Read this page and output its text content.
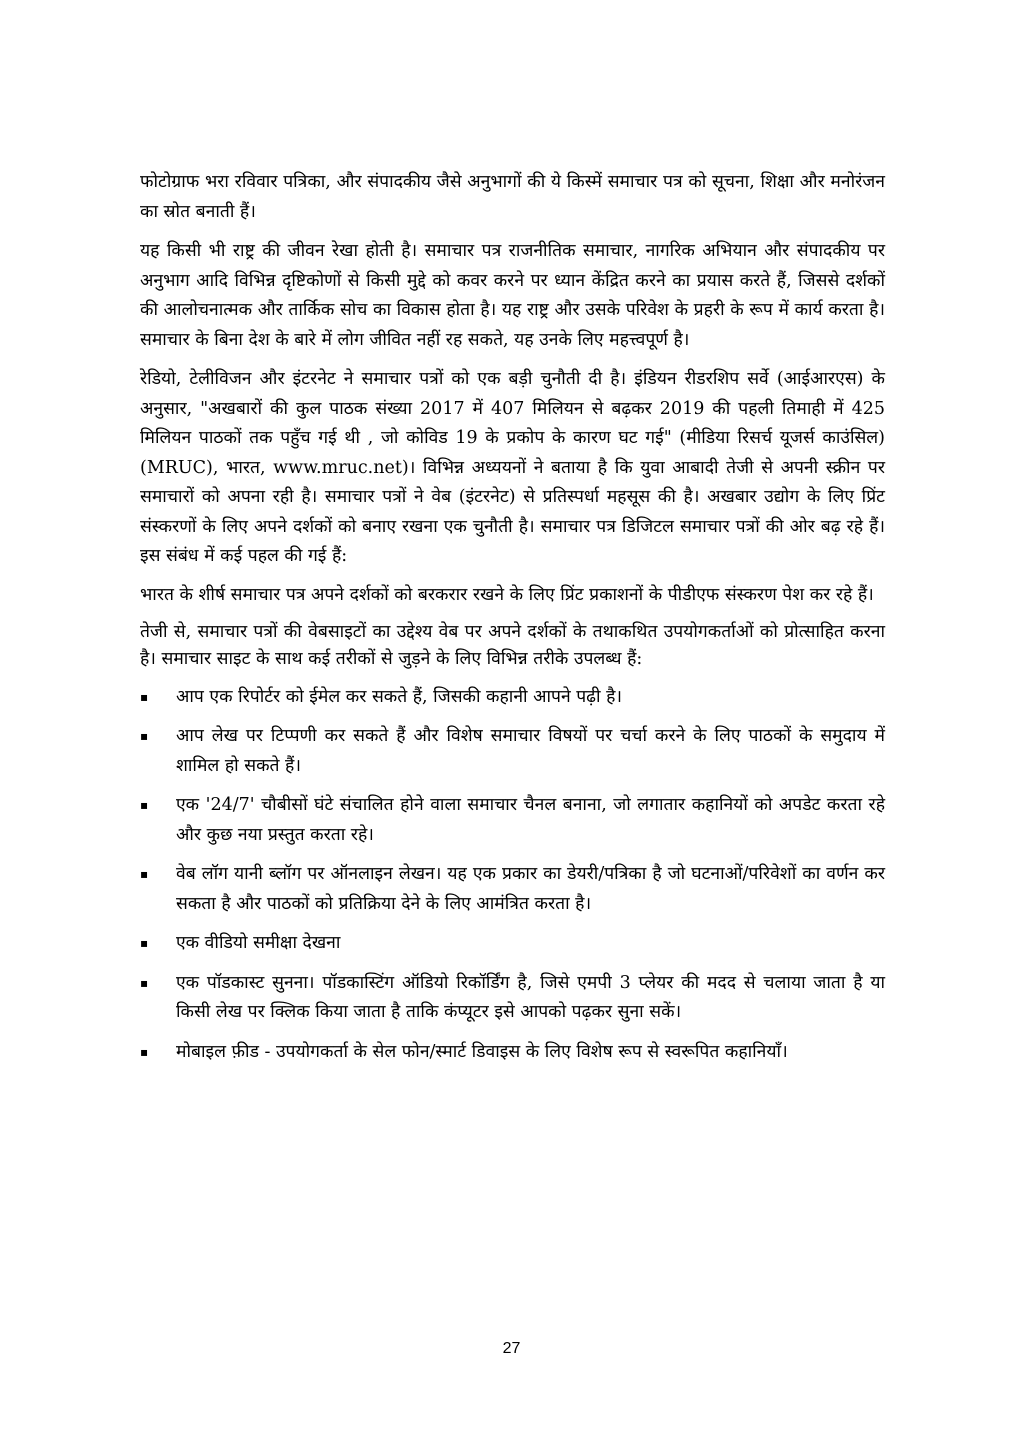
फोटोग्राफ भरा रविवार पत्रिका, और संपादकीय जैसे अनुभागों की ये किस्में समाचार पत्र को सूचना, शिक्षा और मनोरंजन का स्रोत बनाती हैं।

यह किसी भी राष्ट्र की जीवन रेखा होती है। समाचार पत्र राजनीतिक समाचार, नागरिक अभियान और संपादकीय पर अनुभाग आदि विभिन्न दृष्टिकोणों से किसी मुद्दे को कवर करने पर ध्यान केंद्रित करने का प्रयास करते हैं, जिससे दर्शकों की आलोचनात्मक और तार्किक सोच का विकास होता है। यह राष्ट्र और उसके परिवेश के प्रहरी के रूप में कार्य करता है। समाचार के बिना देश के बारे में लोग जीवित नहीं रह सकते, यह उनके लिए महत्त्वपूर्ण है।

रेडियो, टेलीविजन और इंटरनेट ने समाचार पत्रों को एक बड़ी चुनौती दी है। इंडियन रीडरशिप सर्वे (आईआरएस) के अनुसार, "अखबारों की कुल पाठक संख्या 2017 में 407 मिलियन से बढ़कर 2019 की पहली तिमाही में 425 मिलियन पाठकों तक पहुँच गई थी , जो कोविड 19 के प्रकोप के कारण घट गई" (मीडिया रिसर्च यूजर्स काउंसिल) (MRUC), भारत, www.mruc.net)। विभिन्न अध्ययनों ने बताया है कि युवा आबादी तेजी से अपनी स्क्रीन पर समाचारों को अपना रही है। समाचार पत्रों ने वेब (इंटरनेट) से प्रतिस्पर्धा महसूस की है। अखबार उद्योग के लिए प्रिंट संस्करणों के लिए अपने दर्शकों को बनाए रखना एक चुनौती है। समाचार पत्र डिजिटल समाचार पत्रों की ओर बढ़ रहे हैं। इस संबंध में कई पहल की गई हैं:

भारत के शीर्ष समाचार पत्र अपने दर्शकों को बरकरार रखने के लिए प्रिंट प्रकाशनों के पीडीएफ संस्करण पेश कर रहे हैं।

तेजी से, समाचार पत्रों की वेबसाइटों का उद्देश्य वेब पर अपने दर्शकों के तथाकथित उपयोगकर्ताओं को प्रोत्साहित करना है। समाचार साइट के साथ कई तरीकों से जुड़ने के लिए विभिन्न तरीके उपलब्ध हैं:

▪ आप एक रिपोर्टर को ईमेल कर सकते हैं, जिसकी कहानी आपने पढ़ी है।
▪ आप लेख पर टिप्पणी कर सकते हैं और विशेष समाचार विषयों पर चर्चा करने के लिए पाठकों के समुदाय में शामिल हो सकते हैं।
▪ एक '24/7' चौबीसों घंटे संचालित होने वाला समाचार चैनल बनाना, जो लगातार कहानियों को अपडेट करता रहे और कुछ नया प्रस्तुत करता रहे।
▪ वेब लॉग यानी ब्लॉग पर ऑनलाइन लेखन। यह एक प्रकार का डेयरी/पत्रिका है जो घटनाओं/परिवेशों का वर्णन कर सकता है और पाठकों को प्रतिक्रिया देने के लिए आमंत्रित करता है।
▪ एक वीडियो समीक्षा देखना
▪ एक पॉडकास्ट सुनना। पॉडकास्टिंग ऑडियो रिकॉर्डिंग है, जिसे एमपी 3 प्लेयर की मदद से चलाया जाता है या किसी लेख पर क्लिक किया जाता है ताकि कंप्यूटर इसे आपको पढ़कर सुना सकें।
▪ मोबाइल फ़ीड - उपयोगकर्ता के सेल फोन/स्मार्ट डिवाइस के लिए विशेष रूप से स्वरूपित कहानियाँ।
27
